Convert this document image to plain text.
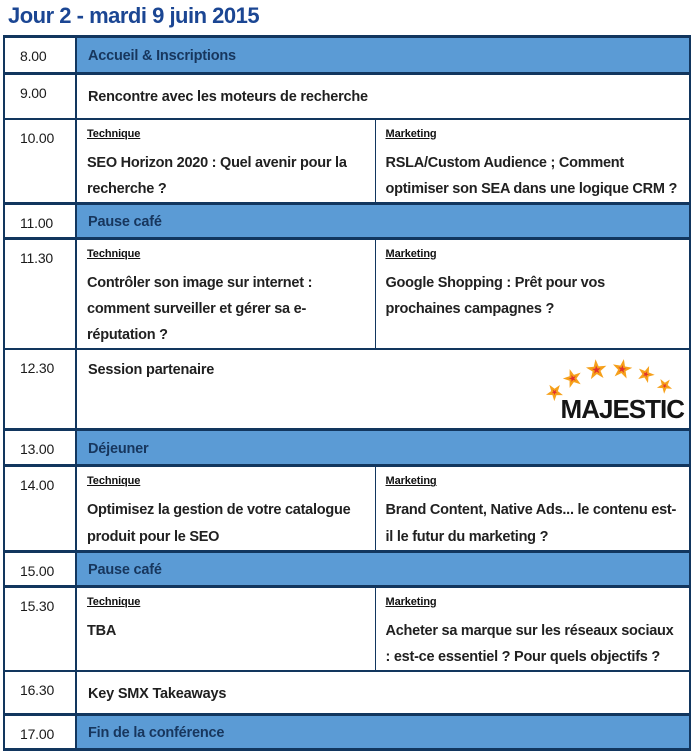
Jour 2 - mardi 9 juin 2015
8.00	Accueil & Inscriptions	
9.00	Rencontre avec les moteurs de recherche	
10.00	Technique
SEO Horizon 2020 : Quel avenir pour la recherche ?

Marketing
RSLA/Custom Audience ; Comment optimiser son SEA dans une logique CRM ?

11.00	Pause café	
11.30	Technique
Contrôler son image sur internet : comment surveiller et gérer sa e-réputation ?

Marketing
Google Shopping : Prêt pour vos prochaines campagnes ?

12.30	Session partenaire
★
★ ★ ★ ★
★
MAJESTIC

13.00	Déjeuner	
14.00	Technique
Optimisez la gestion de votre catalogue produit pour le SEO

Marketing
Brand Content, Native Ads... le contenu est-il le futur du marketing ?

15.00	Pause café	
15.30	Technique
TBA

Marketing
Acheter sa marque sur les réseaux sociaux : est-ce essentiel ? Pour quels objectifs ?

16.30	Key SMX Takeaways	
17.00	Fin de la conférence	
